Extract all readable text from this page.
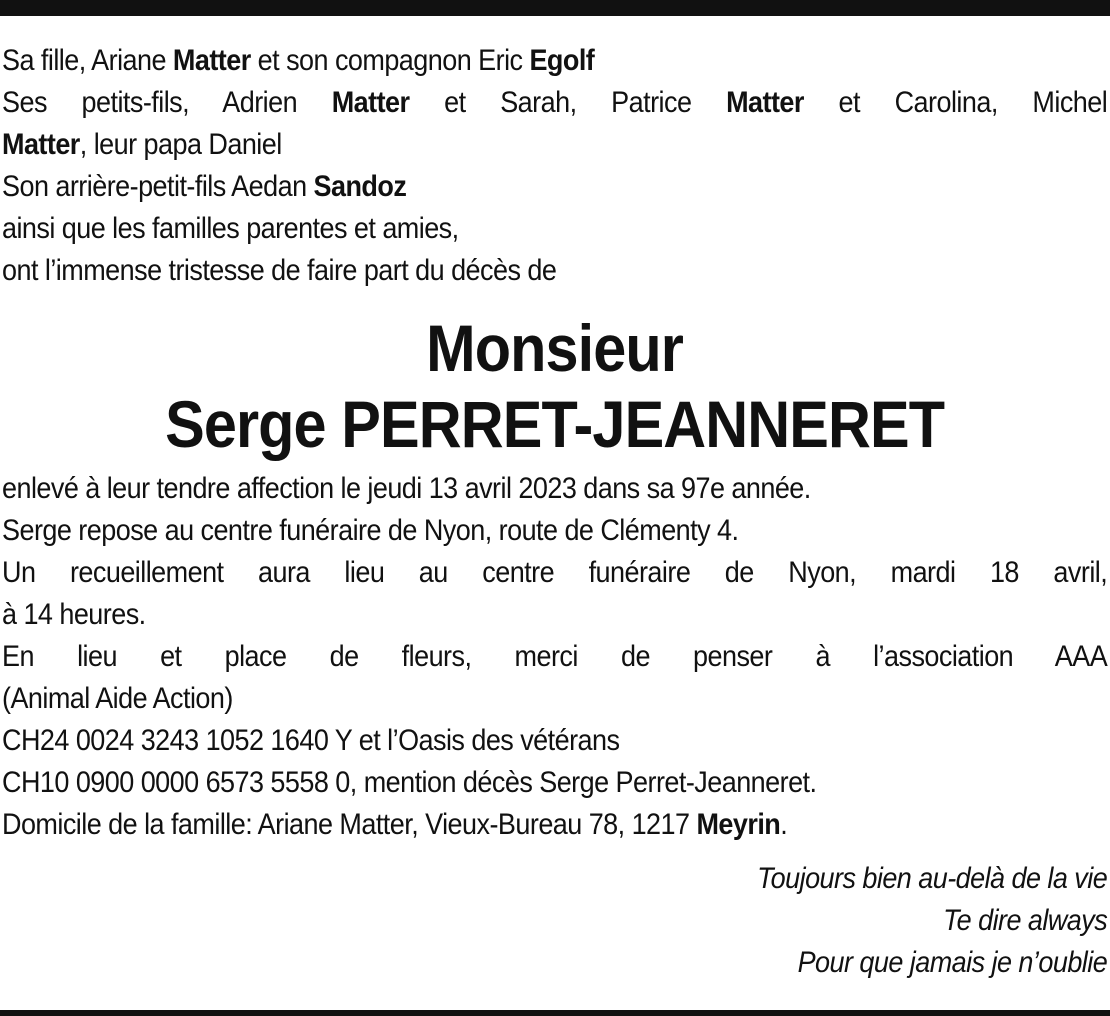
Sa fille, Ariane Matter et son compagnon Eric Egolf
Ses petits-fils, Adrien Matter et Sarah, Patrice Matter et Carolina, Michel
Matter, leur papa Daniel
Son arrière-petit-fils Aedan Sandoz
ainsi que les familles parentes et amies,
ont l’immense tristesse de faire part du décès de
Monsieur
Serge PERRET-JEANNERET
enlevé à leur tendre affection le jeudi 13 avril 2023 dans sa 97e année.
Serge repose au centre funéraire de Nyon, route de Clémenty 4.
Un recueillement aura lieu au centre funéraire de Nyon, mardi 18 avril,
à 14 heures.
En lieu et place de fleurs, merci de penser à l’association AAA
(Animal Aide Action)
CH24 0024 3243 1052 1640 Y et l’Oasis des vétérans
CH10 0900 0000 6573 5558 0, mention décès Serge Perret-Jeanneret.
Domicile de la famille: Ariane Matter, Vieux-Bureau 78, 1217 Meyrin.
Toujours bien au-delà de la vie
Te dire always
Pour que jamais je n’oublie
